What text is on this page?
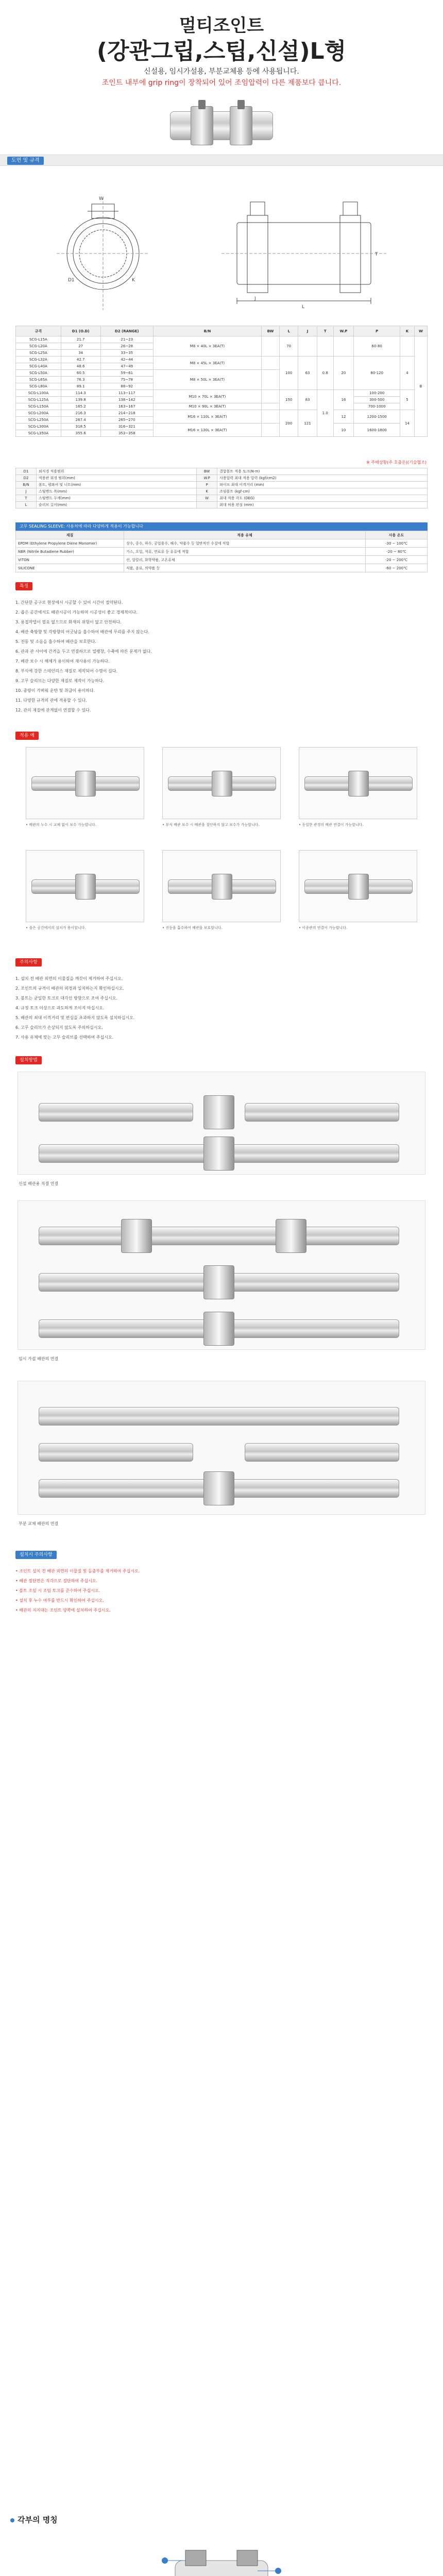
멀티조인트
(강관그립,스팁,신설)L형

신설용, 임시가설용, 부분교체용 등에 사용됩니다.

조인트 내부에 grip ring이 장착되어 있어 조임압력이 다른 제품보다 큽니다.

도면 및 규격
W
D1	K
L
J
T
규격	D1 (O.D)	D2 (RANGE)	B/N	BW	L	J	T	W.P	P	K	W
SCG-L15A	21.7	21~23	M8 × 40L × 3EA(T)		70				60-80		B
SCG-L20A	27	26~28									
SCG-L25A	34	33~35									
SCG-L32A	42.7	42~44	M8 × 45L × 3EA(T)		100	63	0.8	20	80-120	4	
SCG-L40A	48.6	47~49									
SCG-L50A	60.5	59~61	M8 × 50L × 3EA(T)								
SCG-L65A	76.3	75~78									
SCG-L80A	89.1	88~92									
SCG-L100A	114.3	113~117	M10 × 70L × 3EA(T)		150	83	1.0	16	100-200	5	
SCG-L125A	139.8	138~142							300-500		
SCG-L150A	165.2	163~167	M10 × 90L × 3EA(T)						700-1000		
SCG-L200A	216.3	214~218	M16 × 110L × 3EA(T)		200	121		12	1200-1500	14	
SCG-L250A	267.4	265~270									
SCG-L300A	318.5	316~321	M16 × 130L × 3EA(T)					10	1600-1800		
SCG-L350A	355.6	353~358									
※ 주해상황(주 호출은)(기술협조)
D1	외직경 적용범위	BW	결합볼트 적용 토크(N·m)
D2	적용관 외경 범위(mm)	W.P	사용압력 최대 적용 압력 (kgf/cm2)
B/N	볼트, 평와셔 및 너트(mm)	P	파이프 최대 이격거리 (mm)
J	스틸밴드 폭(mm)	K	조임볼트 (kgf·cm)
T	스틸밴드 두께(mm)	W	최대 적용 각도 (DEG)
L	슬리브 길이(mm)		최대 허용 편심 (mm)
고무 SEALING SLEEVE: 사용처에 따라 다양하게 적용이 가능합니다
재질	적용 유체	사용 온도
EPDM (Ethylene Propylene Diene Monomer)	상수, 중수, 하수, 공업용수, 해수, 약품수 등 일반적인 수질에 적합	-30 ~ 100℃
NBR (Nitrile Butadiene Rubber)	가스, 오일, 석유, 연료유 등 유류에 적합	-20 ~ 80℃
VITON	산, 알칼리, 화학약품, 고온유체	-20 ~ 200℃
SILICONE	식품, 음료, 의약품 등	-60 ~ 200℃
특징
1. 간단한 공구로 현장에서 시공할 수 있어 시간이 절약된다.
2. 좁은 공간에서도 배관시공이 가능하며 시공성이 좋고 경제적이다.
3. 용접작업이 필요 없으므로 화재의 위험이 없고 안전하다.
4. 배관 축방향 및 각방향의 어긋남을 흡수하여 배관에 무리를 주지 않는다.
5. 진동 및 소음을 흡수하여 배관을 보호한다.
6. 관과 관 사이에 간격을 두고 연결하므로 열팽창, 수축에 따른 문제가 없다.
7. 배관 보수 시 해체가 용이하여 재사용이 가능하다.
8. 부식에 강한 스테인리스 재질로 제작되어 수명이 길다.
9. 고무 슬리브는 다양한 재질로 제작이 가능하다.
10. 중량이 가벼워 운반 및 취급이 용이하다.
11. 다양한 규격의 관에 적용할 수 있다.
12. 관의 재질에 관계없이 연결할 수 있다.
적용 예
• 배관의 누수 시 교체 없이 보수 가능합니다.	• 부식 배관 보수 시 배관을 절단하지 않고 보수가 가능합니다.	• 동일한 관경의 배관 연결이 가능합니다.
• 좁은 공간에서의 설치가 용이합니다.	• 진동을 흡수하여 배관을 보호합니다.	• 이종관의 연결이 가능합니다.
주의사항
1. 설치 전 배관 외면의 이물질을 깨끗이 제거하여 주십시오.
2. 조인트의 규격이 배관의 외경과 일치하는지 확인하십시오.
3. 볼트는 균일한 토크로 대각선 방향으로 조여 주십시오.
4. 규정 토크 이상으로 과도하게 조이지 마십시오.
5. 배관의 최대 이격거리 및 편심을 초과하지 않도록 설치하십시오.
6. 고무 슬리브가 손상되지 않도록 주의하십시오.
7. 사용 유체에 맞는 고무 슬리브를 선택하여 주십시오.
설치방법
신설 배관용 직결 연결
임시 가설 배관의 연결
부분 교체 배관의 연결
설치시 주의사항
• 조인트 설치 전 배관 외면의 이물질 및 돌출부를 제거하여 주십시오.
• 배관 절단면은 직각으로 절단하여 주십시오.
• 볼트 조임 시 조임 토크를 준수하여 주십시오.
• 설치 후 누수 여부를 반드시 확인하여 주십시오.
• 배관의 지지대는 조인트 양쪽에 설치하여 주십시오.
각부의 명칭
